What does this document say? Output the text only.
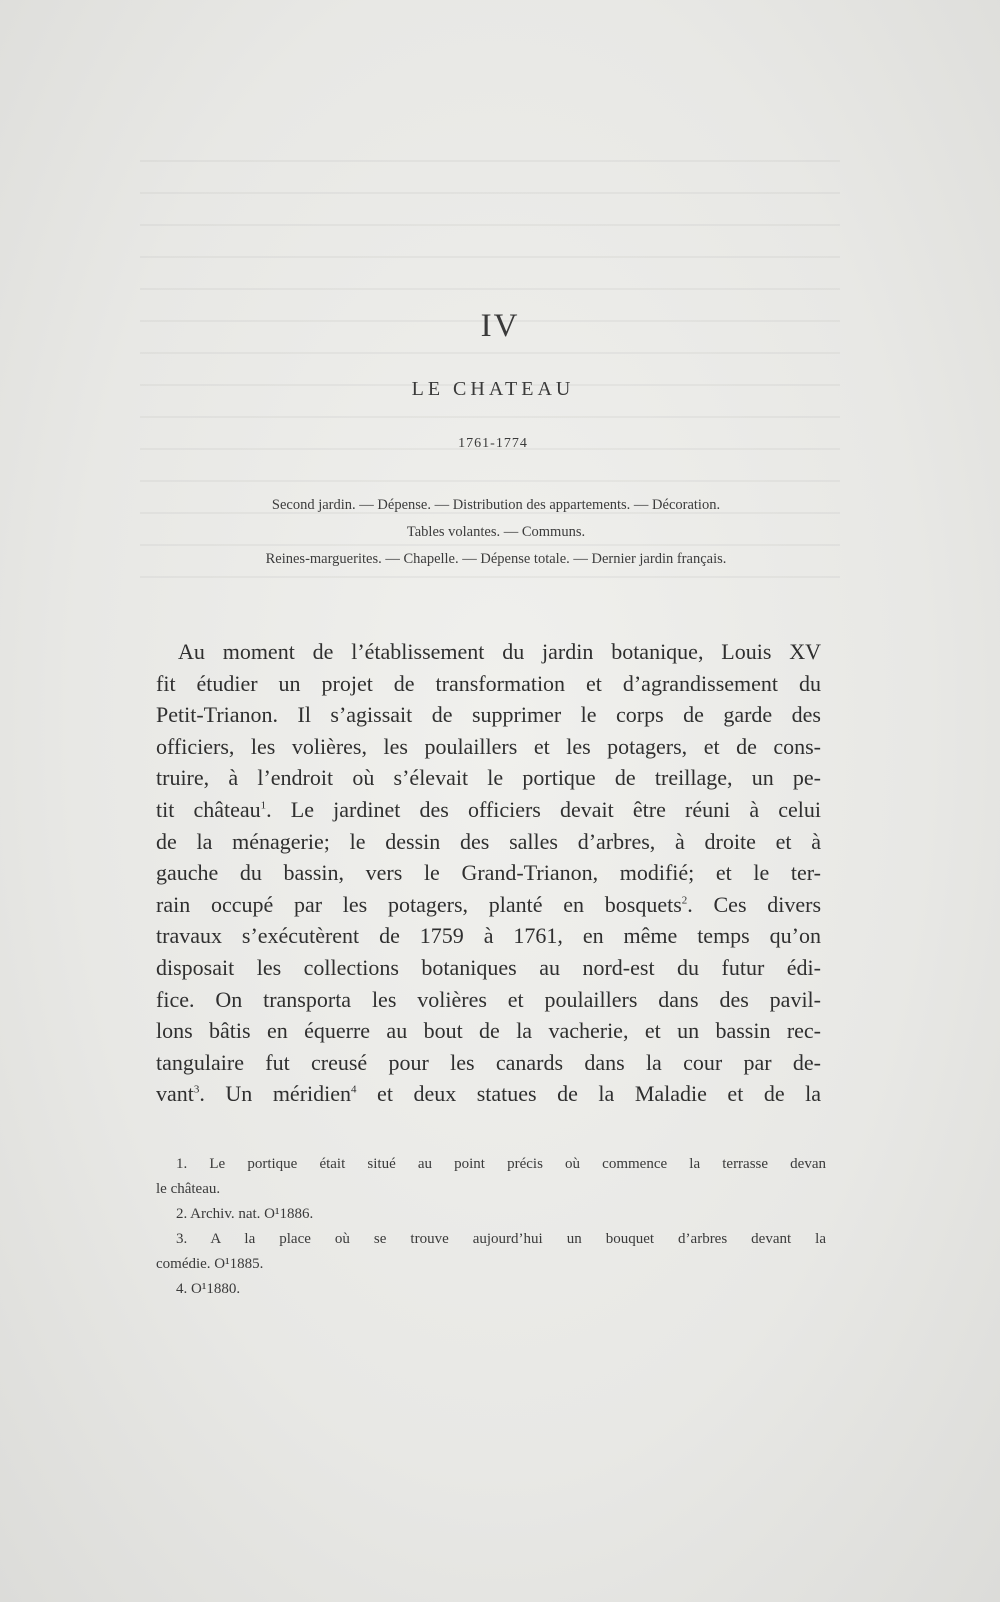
IV
LE CHATEAU
1761-1774
Second jardin. — Dépense. — Distribution des appartements. — Décoration.
Tables volantes. — Communs.
Reines-marguerites. — Chapelle. — Dépense totale. — Dernier jardin français.
Au moment de l’établissement du jardin botanique, Louis XV
fit étudier un projet de transformation et d’agrandissement du
Petit-Trianon. Il s’agissait de supprimer le corps de garde des
officiers, les volières, les poulaillers et les potagers, et de cons-
truire, à l’endroit où s’élevait le portique de treillage, un pe-
tit château$^1$. Le jardinet des officiers devait être réuni à celui
de la ménagerie; le dessin des salles d’arbres, à droite et à
gauche du bassin, vers le Grand-Trianon, modifié; et le ter-
rain occupé par les potagers, planté en bosquets$^2$. Ces divers
travaux s’exécutèrent de 1759 à 1761, en même temps qu’on
disposait les collections botaniques au nord-est du futur édi-
fice. On transporta les volières et poulaillers dans des pavil-
lons bâtis en équerre au bout de la vacherie, et un bassin rec-
tangulaire fut creusé pour les canards dans la cour par de-
vant$^3$. Un méridien$^4$ et deux statues de la Maladie et de la
1. Le portique était situé au point précis où commence la terrasse devan
le château.
2. Archiv. nat. O¹1886.
3. A la place où se trouve aujourd’hui un bouquet d’arbres devant la
comédie. O¹1885.
4. O¹1880.
